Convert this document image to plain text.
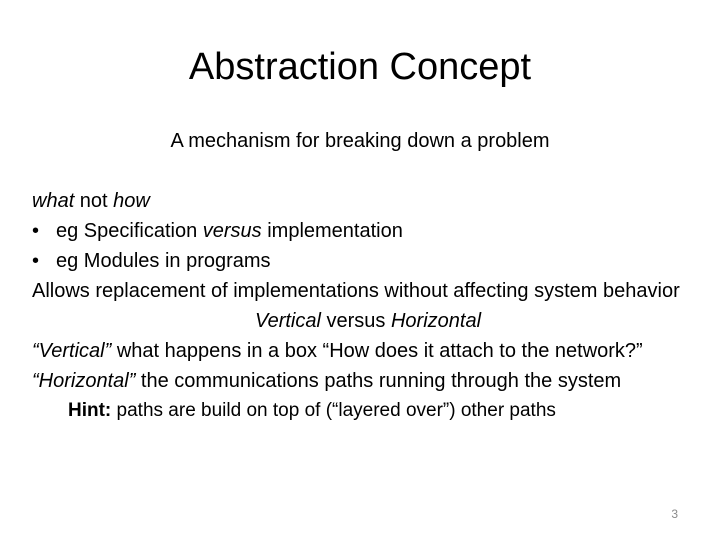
Abstraction Concept
A mechanism for breaking down a problem
what not how
• eg Specification versus implementation
• eg Modules in programs
Allows replacement of implementations without affecting system behavior
Vertical versus Horizontal
“Vertical” what happens in a box “How does it attach to the network?”
“Horizontal” the communications paths running through the system
Hint: paths are build on top of (“layered over”) other paths
3
